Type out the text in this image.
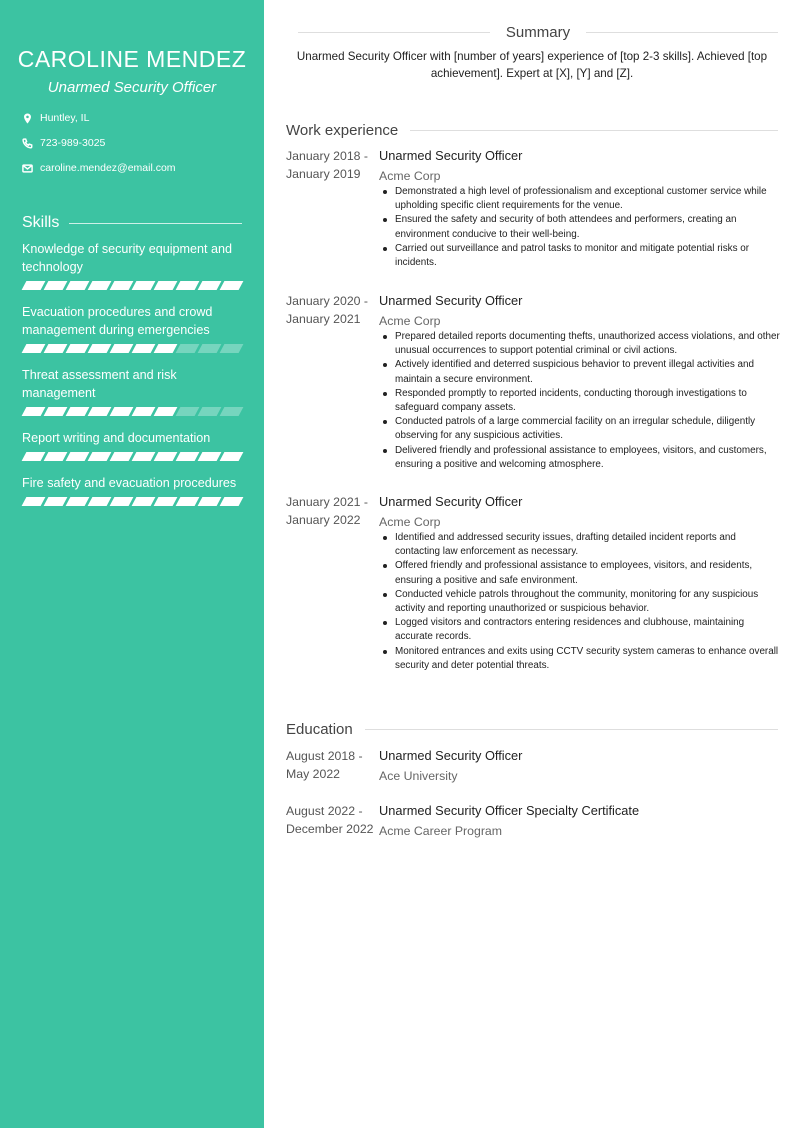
CAROLINE MENDEZ
Unarmed Security Officer
Huntley, IL
723-989-3025
caroline.mendez@email.com
Skills
Knowledge of security equipment and technology
Evacuation procedures and crowd management during emergencies
Threat assessment and risk management
Report writing and documentation
Fire safety and evacuation procedures
Summary
Unarmed Security Officer with [number of years] experience of [top 2-3 skills]. Achieved [top achievement]. Expert at [X], [Y] and [Z].
Work experience
January 2018 -
January 2019
Unarmed Security Officer
Acme Corp
Demonstrated a high level of professionalism and exceptional customer service while upholding specific client requirements for the venue.
Ensured the safety and security of both attendees and performers, creating an environment conducive to their well-being.
Carried out surveillance and patrol tasks to monitor and mitigate potential risks or incidents.
January 2020 -
January 2021
Unarmed Security Officer
Acme Corp
Prepared detailed reports documenting thefts, unauthorized access violations, and other unusual occurrences to support potential criminal or civil actions.
Actively identified and deterred suspicious behavior to prevent illegal activities and maintain a secure environment.
Responded promptly to reported incidents, conducting thorough investigations to safeguard company assets.
Conducted patrols of a large commercial facility on an irregular schedule, diligently observing for any suspicious activities.
Delivered friendly and professional assistance to employees, visitors, and customers, ensuring a positive and welcoming atmosphere.
January 2021 -
January 2022
Unarmed Security Officer
Acme Corp
Identified and addressed security issues, drafting detailed incident reports and contacting law enforcement as necessary.
Offered friendly and professional assistance to employees, visitors, and residents, ensuring a positive and safe environment.
Conducted vehicle patrols throughout the community, monitoring for any suspicious activity and reporting unauthorized or suspicious behavior.
Logged visitors and contractors entering residences and clubhouse, maintaining accurate records.
Monitored entrances and exits using CCTV security system cameras to enhance overall security and deter potential threats.
Education
August 2018 -
May 2022
Unarmed Security Officer
Ace University
August 2022 -
December 2022
Unarmed Security Officer Specialty Certificate
Acme Career Program
